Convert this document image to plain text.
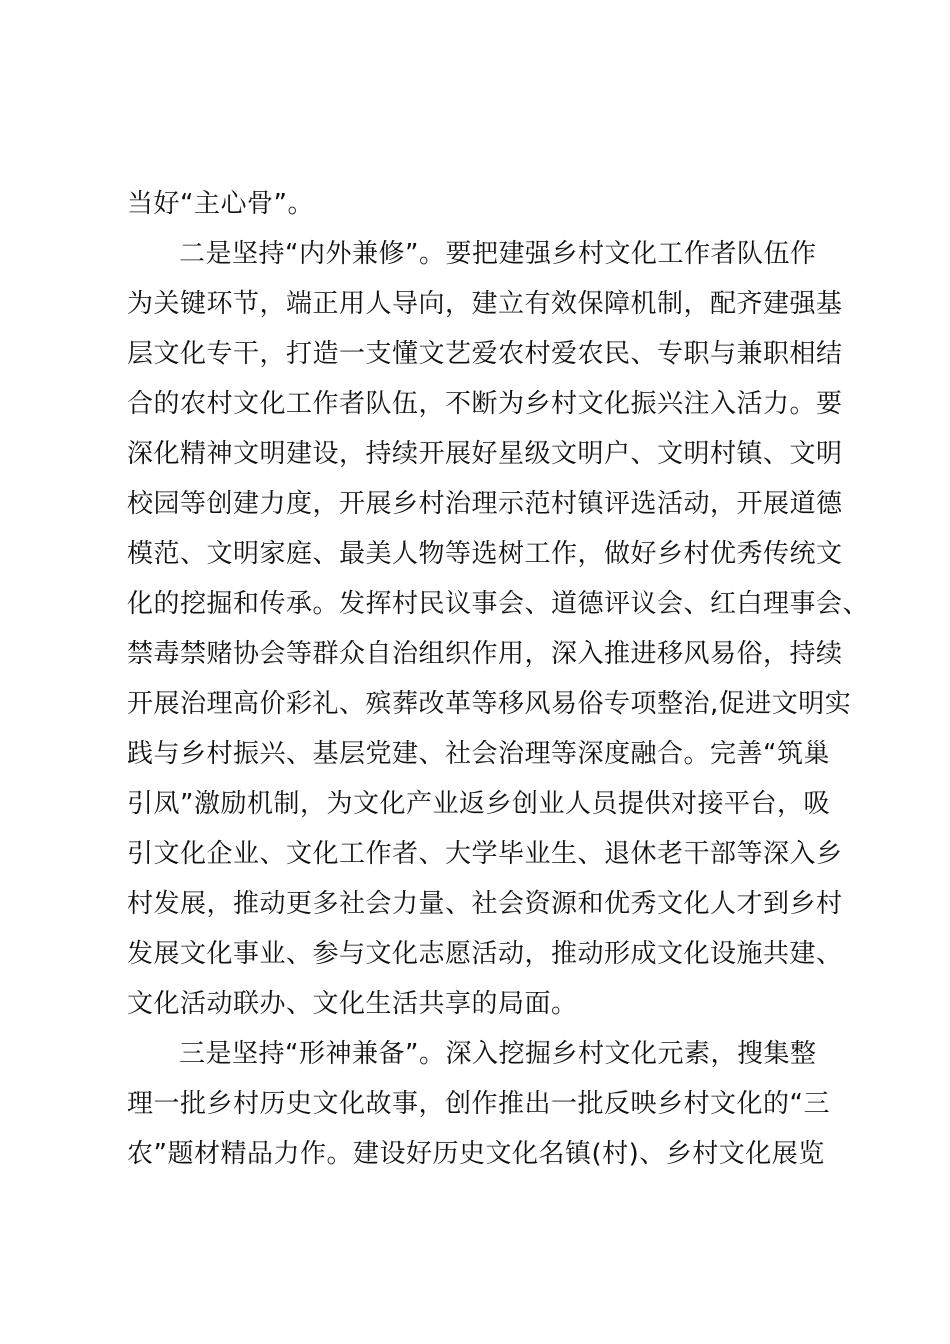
当好“主心骨”。
二是坚持“内外兼修”。要把建强乡村文化工作者队伍作
为关键环节，端正用人导向，建立有效保障机制，配齐建强基
层文化专干，打造一支懂文艺爱农村爱农民、专职与兼职相结
合的农村文化工作者队伍，不断为乡村文化振兴注入活力。要
深化精神文明建设，持续开展好星级文明户、文明村镇、文明
校园等创建力度，开展乡村治理示范村镇评选活动，开展道德
模范、文明家庭、最美人物等选树工作，做好乡村优秀传统文
化的挖掘和传承。发挥村民议事会、道德评议会、红白理事会、
禁毒禁赌协会等群众自治组织作用，深入推进移风易俗，持续
开展治理高价彩礼、殡葬改革等移风易俗专项整治,促进文明实
践与乡村振兴、基层党建、社会治理等深度融合。完善“筑巢
引凤”激励机制，为文化产业返乡创业人员提供对接平台，吸
引文化企业、文化工作者、大学毕业生、退休老干部等深入乡
村发展，推动更多社会力量、社会资源和优秀文化人才到乡村
发展文化事业、参与文化志愿活动，推动形成文化设施共建、
文化活动联办、文化生活共享的局面。
三是坚持“形神兼备”。深入挖掘乡村文化元素，搜集整
理一批乡村历史文化故事，创作推出一批反映乡村文化的“三
农”题材精品力作。建设好历史文化名镇(村)、乡村文化展览
